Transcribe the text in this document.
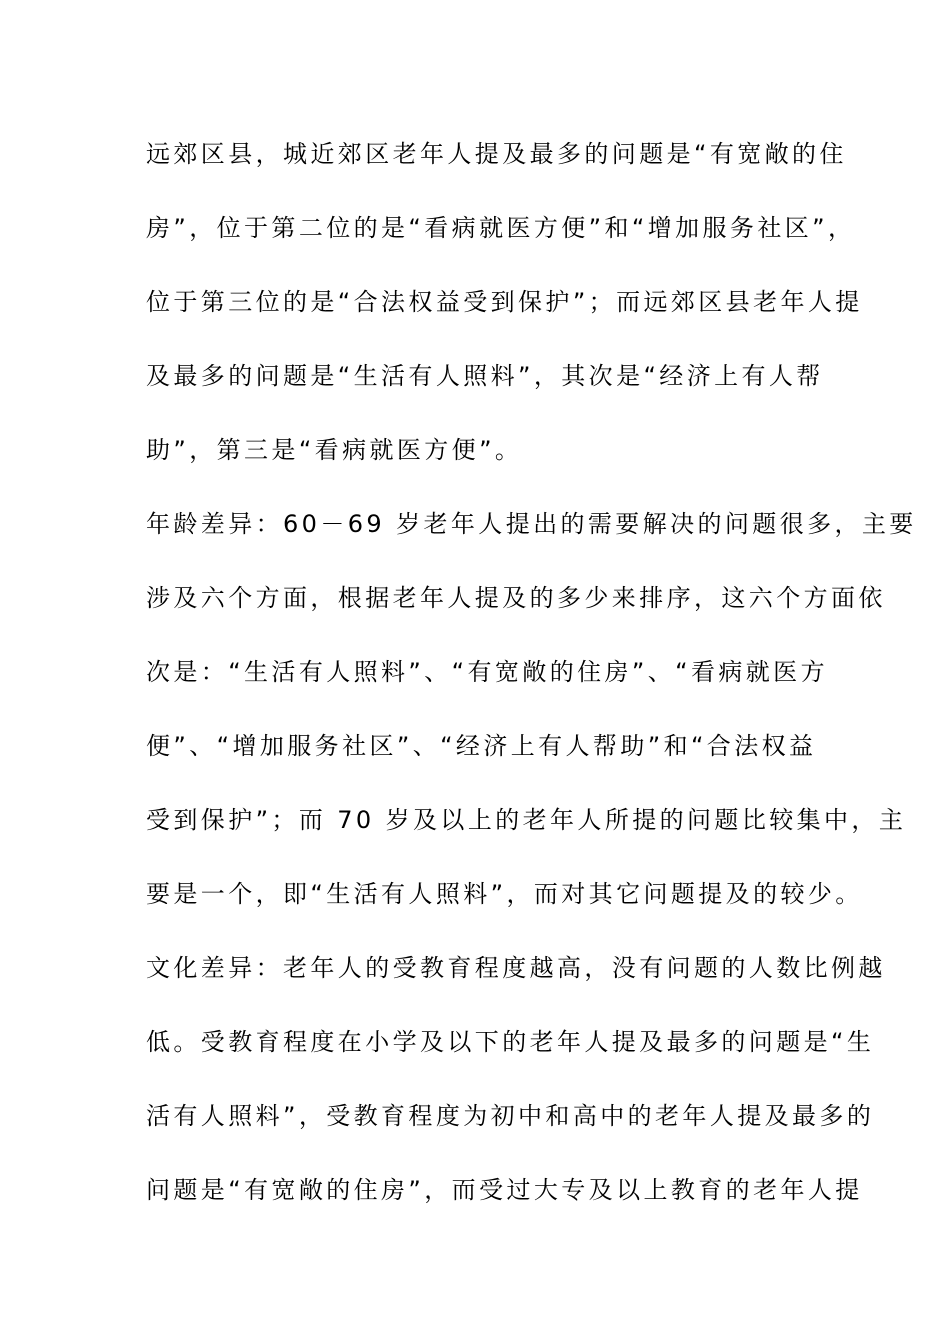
远郊区县，城近郊区老年人提及最多的问题是“有宽敞的住
房”，位于第二位的是“看病就医方便”和“增加服务社区”，
位于第三位的是“合法权益受到保护”；而远郊区县老年人提
及最多的问题是“生活有人照料”，其次是“经济上有人帮
助”，第三是“看病就医方便”。
年龄差异：60－69 岁老年人提出的需要解决的问题很多，主要
涉及六个方面，根据老年人提及的多少来排序，这六个方面依
次是：“生活有人照料”、“有宽敞的住房”、“看病就医方
便”、“增加服务社区”、“经济上有人帮助”和“合法权益
受到保护”；而 70 岁及以上的老年人所提的问题比较集中，主
要是一个，即“生活有人照料”，而对其它问题提及的较少。
文化差异：老年人的受教育程度越高，没有问题的人数比例越
低。受教育程度在小学及以下的老年人提及最多的问题是“生
活有人照料”，受教育程度为初中和高中的老年人提及最多的
问题是“有宽敞的住房”，而受过大专及以上教育的老年人提
